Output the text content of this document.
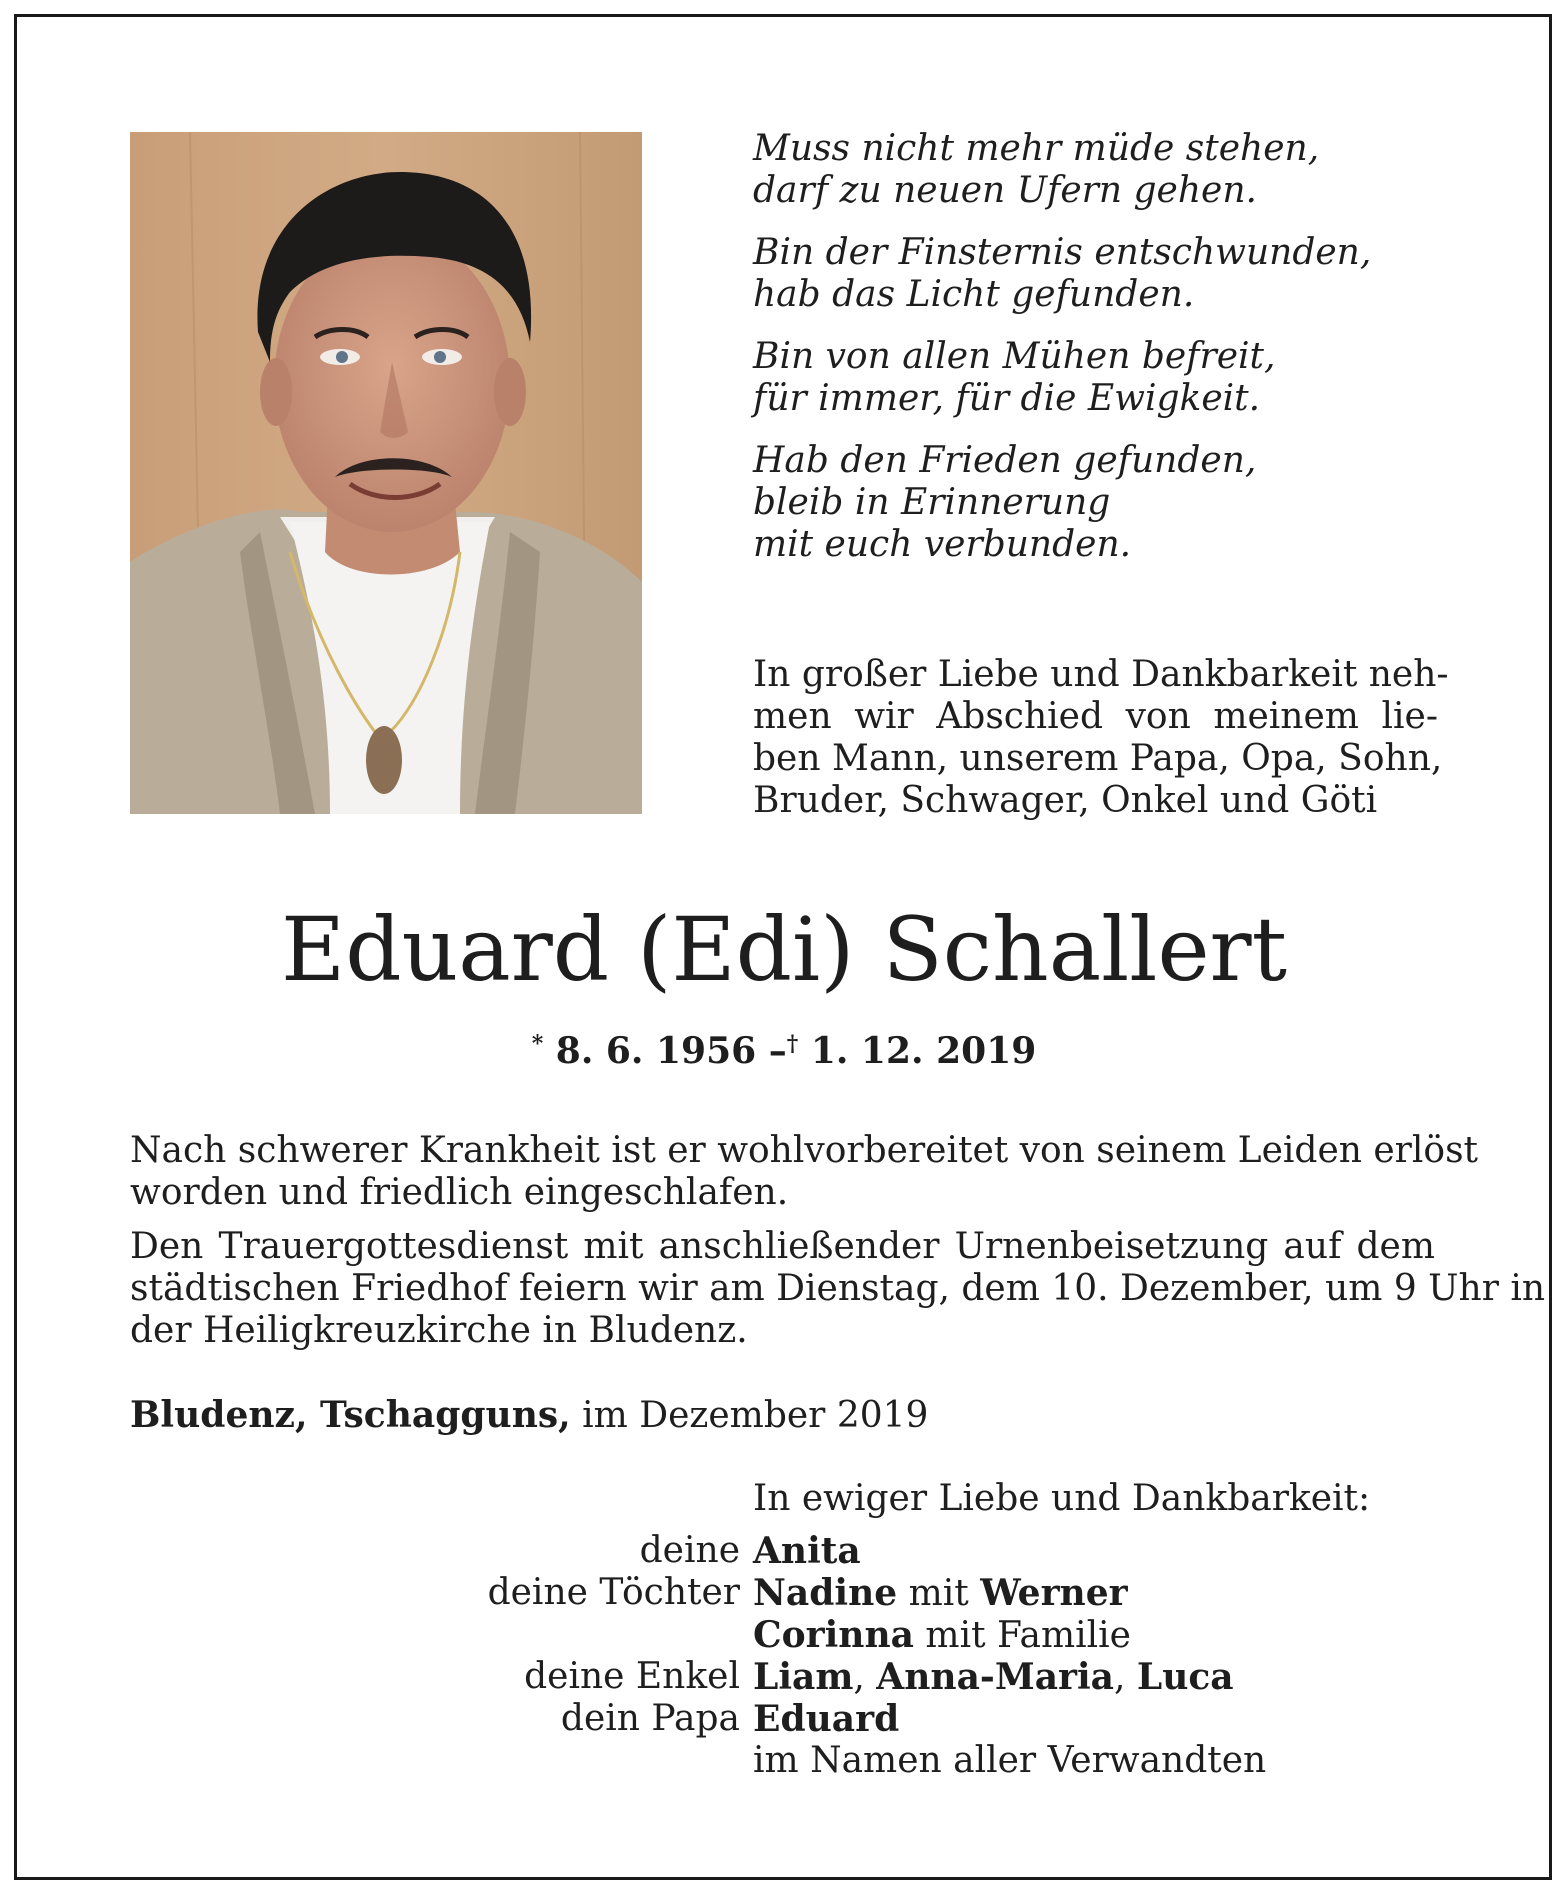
Muss nicht mehr müde stehen,
darf zu neuen Ufern gehen.
Bin der Finsternis entschwunden,
hab das Licht gefunden.
Bin von allen Mühen befreit,
für immer, für die Ewigkeit.
Hab den Frieden gefunden,
bleib in Erinnerung
mit euch verbunden.
In großer Liebe und Dankbarkeit neh-
men wir Abschied von meinem lie-
ben Mann, unserem Papa, Opa, Sohn,
Bruder, Schwager, Onkel und Göti
Eduard (Edi) Schallert
* 8. 6. 1956 –† 1. 12. 2019

Nach schwerer Krankheit ist er wohlvorbereitet von seinem Leiden erlöst
worden und friedlich eingeschlafen.

Den Trauergottesdienst mit anschließender Urnenbeisetzung auf dem
städtischen Friedhof feiern wir am Dienstag, dem 10. Dezember, um 9 Uhr in
der Heiligkreuzkirche in Bludenz.

Bludenz, Tschagguns, im Dezember 2019
In ewiger Liebe und Dankbarkeit:
deine Anita
deine Töchter Nadine mit Werner
Corinna mit Familie
deine Enkel Liam, Anna-Maria, Luca
dein Papa Eduard
im Namen aller Verwandten
